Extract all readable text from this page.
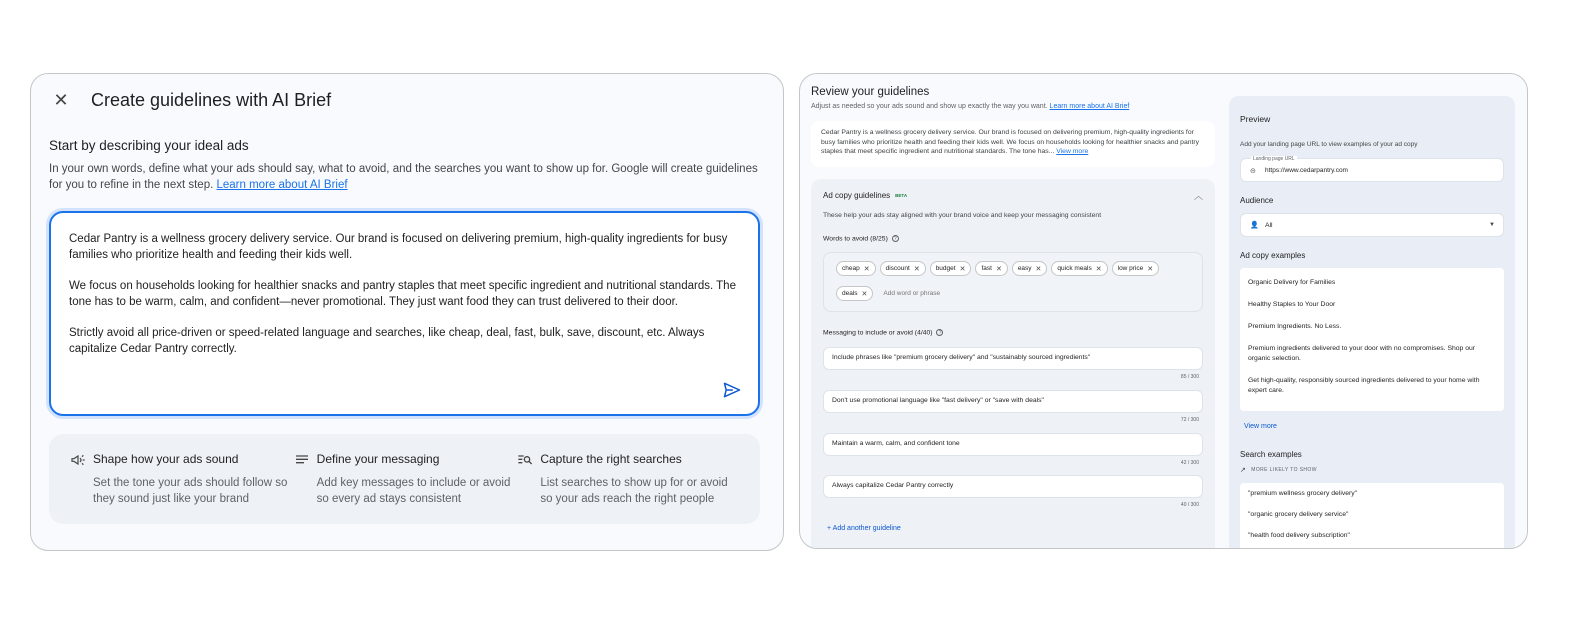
✕ Create guidelines with AI Brief
Start by describing your ideal ads
In your own words, define what your ads should say, what to avoid, and the searches you want to show up for. Google will create guidelines for you to refine in the next step. Learn more about AI Brief

Cedar Pantry is a wellness grocery delivery service. Our brand is focused on delivering premium, high-quality ingredients for busy families who prioritize health and feeding their kids well.

We focus on households looking for healthier snacks and pantry staples that meet specific ingredient and nutritional standards. The tone has to be warm, calm, and confident—never promotional. They just want food they can trust delivered to their door.

Strictly avoid all price-driven or speed-related language and searches, like cheap, deal, fast, bulk, save, discount, etc. Always capitalize Cedar Pantry correctly.

Shape how your ads sound
Set the tone your ads should follow so they sound just like your brand
Define your messaging
Add key messages to include or avoid so every ad stays consistent
Capture the right searches
List searches to show up for or avoid so your ads reach the right people
Review your guidelines
Adjust as needed so your ads sound and show up exactly the way you want. Learn more about AI Brief
Cedar Pantry is a wellness grocery delivery service. Our brand is focused on delivering premium, high-quality ingredients for busy families who prioritize health and feeding their kids well. We focus on households looking for healthier snacks and pantry staples that meet specific ingredient and nutritional standards. The tone has... View more
Ad copy guidelines BETA	︿
These help your ads stay aligned with your brand voice and keep your messaging consistent
Words to avoid (8/25) ?
cheap ✕ discount ✕ budget ✕ fast ✕ easy ✕ quick meals ✕ low price ✕
deals ✕
Add word or phrase
Messaging to include or avoid (4/40) ?
Include phrases like "premium grocery delivery" and "sustainably sourced ingredients"
85 / 300
Don't use promotional language like "fast delivery" or "save with deals"
72 / 300
Maintain a warm, calm, and confident tone
42 / 300
Always capitalize Cedar Pantry correctly
40 / 300
+ Add another guideline
Preview
Add your landing page URL to view examples of your ad copy
Landing page URL
⊝ https://www.cedarpantry.com
Audience
👤 All	▼
Ad copy examples
Organic Delivery for Families
Healthy Staples to Your Door
Premium Ingredients. No Less.
Premium ingredients delivered to your door with no compromises. Shop our organic selection.
Get high-quality, responsibly sourced ingredients delivered to your home with expert care.
View more
Search examples
↗ MORE LIKELY TO SHOW
"premium wellness grocery delivery"
"organic grocery delivery service"
"health food delivery subscription"
